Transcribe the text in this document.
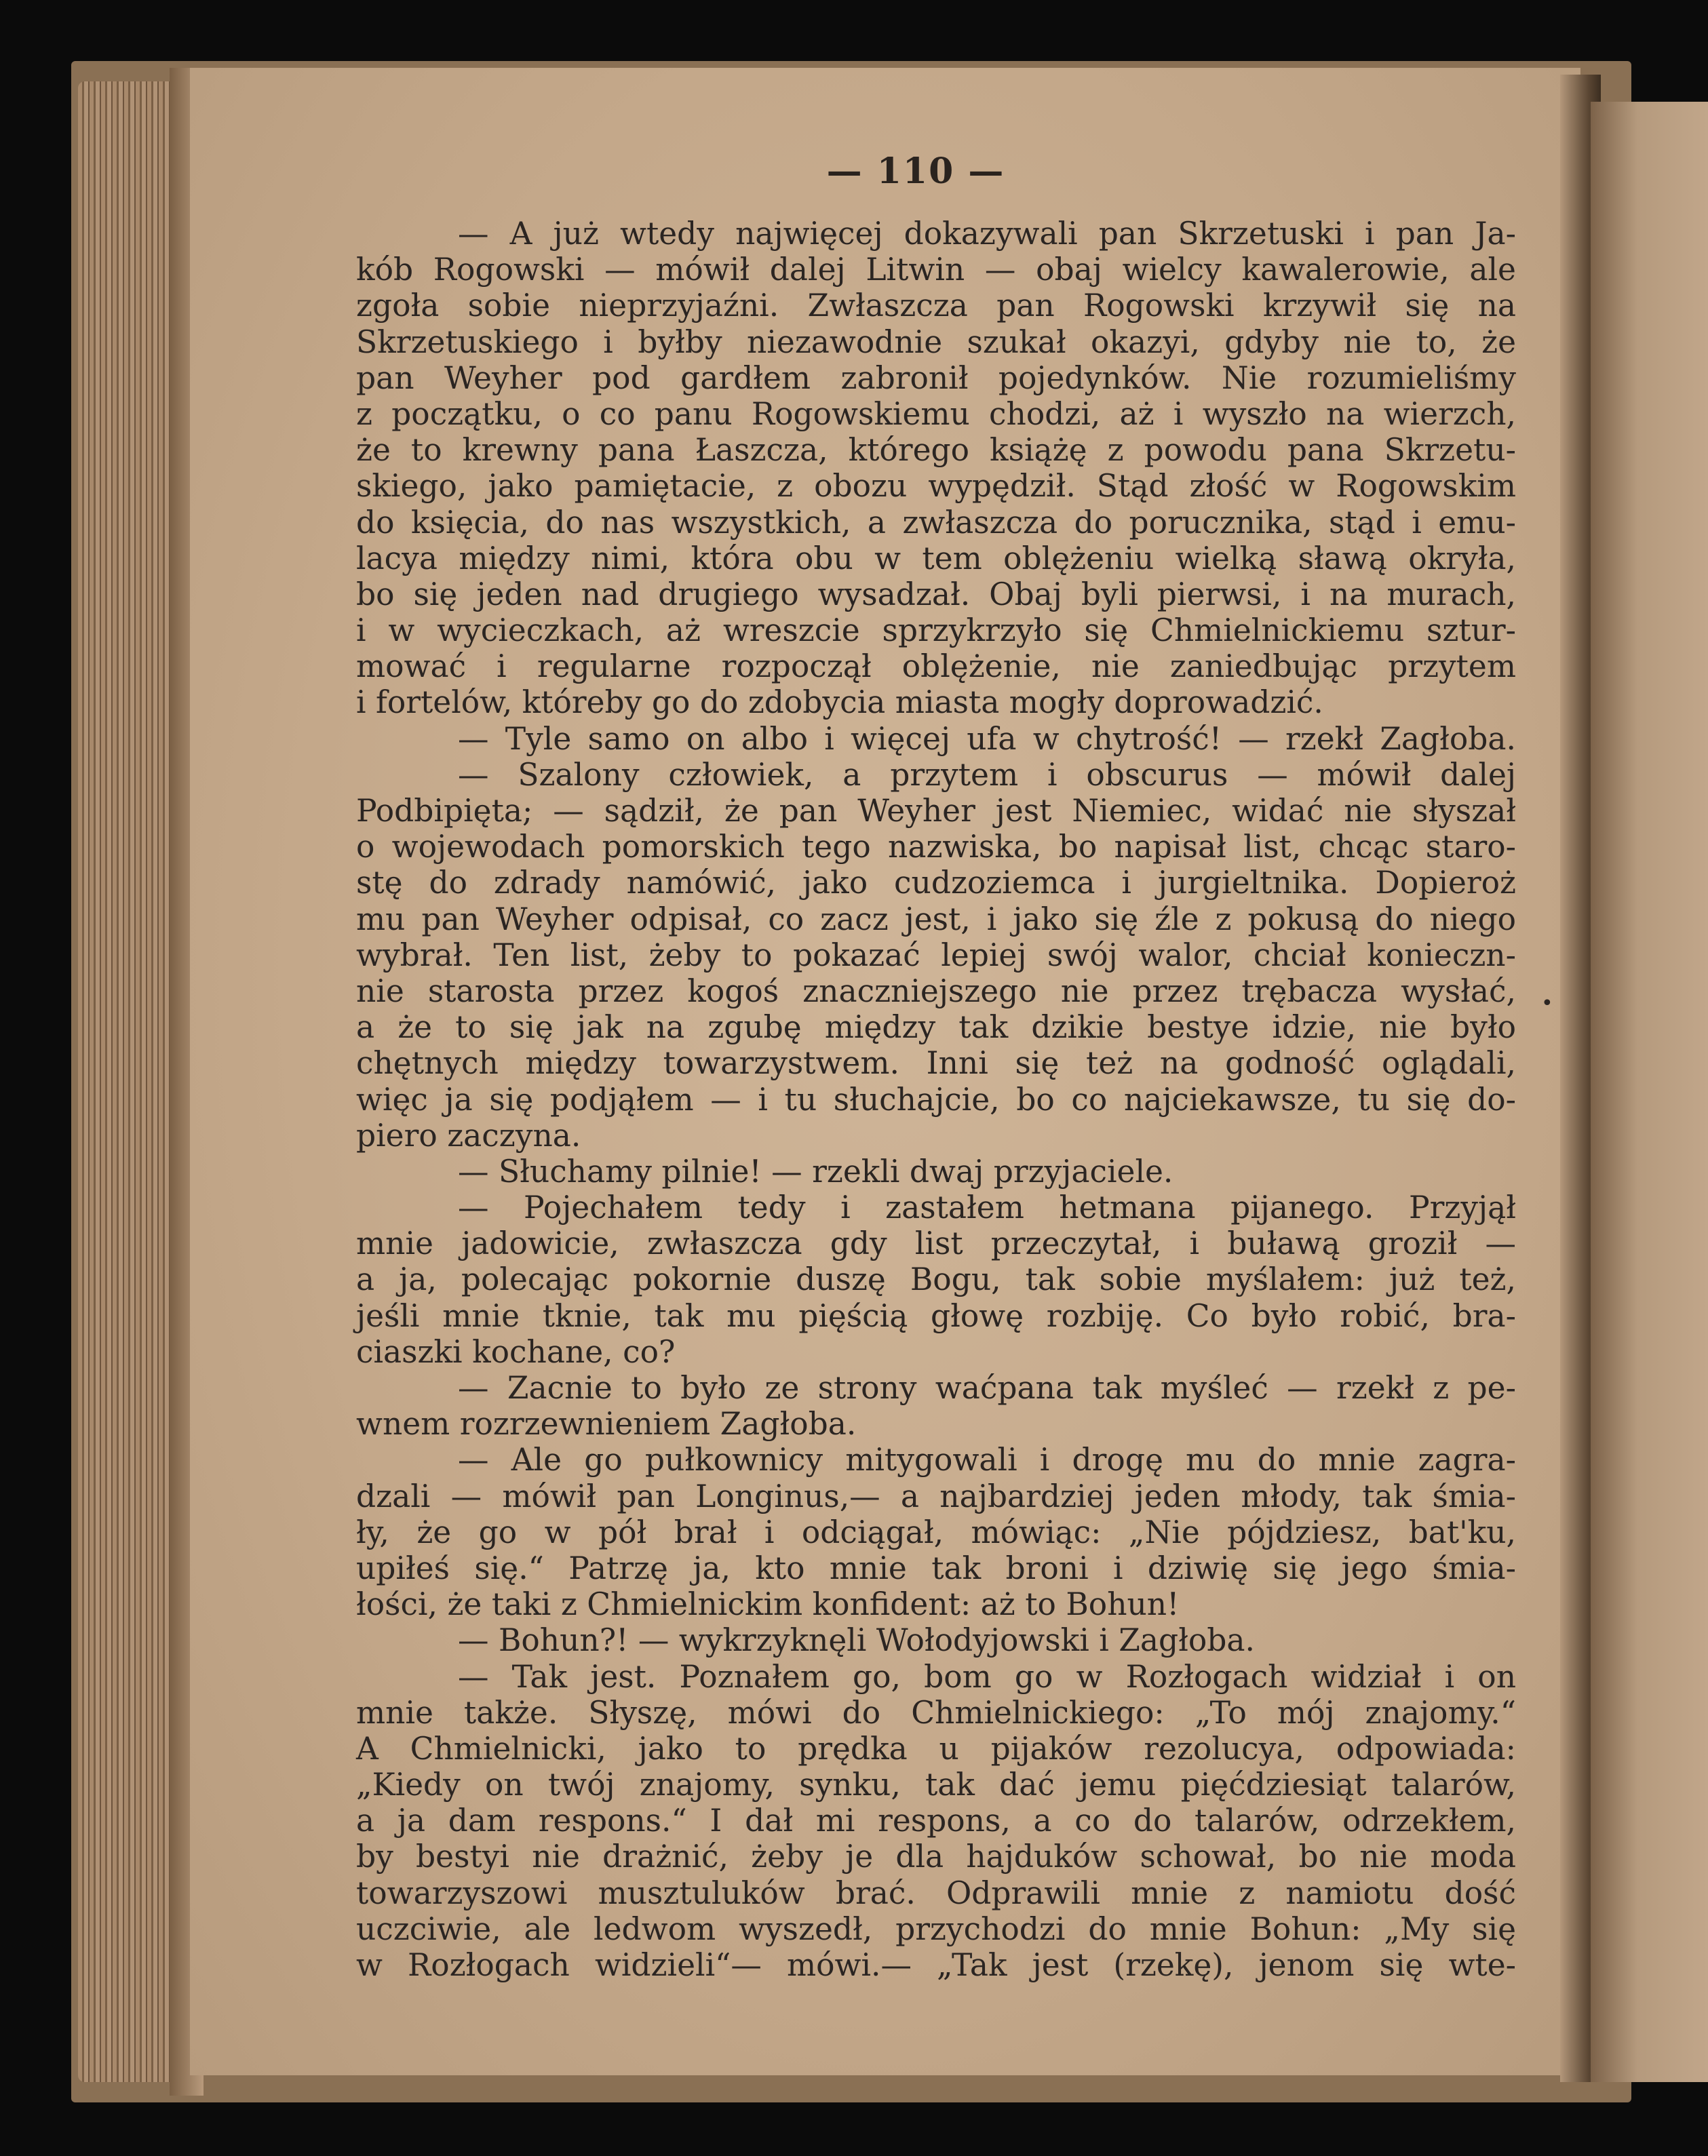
— 110 —
— A już wtedy najwięcej dokazywali pan Skrzetuski i pan Ja-
kób Rogowski — mówił dalej Litwin — obaj wielcy kawalerowie, ale
zgoła sobie nieprzyjaźni. Zwłaszcza pan Rogowski krzywił się na
Skrzetuskiego i byłby niezawodnie szukał okazyi, gdyby nie to, że
pan Weyher pod gardłem zabronił pojedynków. Nie rozumieliśmy
z początku, o co panu Rogowskiemu chodzi, aż i wyszło na wierzch,
że to krewny pana Łaszcza, którego książę z powodu pana Skrzetu-
skiego, jako pamiętacie, z obozu wypędził. Stąd złość w Rogowskim
do księcia, do nas wszystkich, a zwłaszcza do porucznika, stąd i emu-
lacya między nimi, która obu w tem oblężeniu wielką sławą okryła,
bo się jeden nad drugiego wysadzał. Obaj byli pierwsi, i na murach,
i w wycieczkach, aż wreszcie sprzykrzyło się Chmielnickiemu sztur-
mować i regularne rozpoczął oblężenie, nie zaniedbując przytem
i fortelów, któreby go do zdobycia miasta mogły doprowadzić.
— Tyle samo on albo i więcej ufa w chytrość! — rzekł Zagłoba.
— Szalony człowiek, a przytem i obscurus — mówił dalej
Podbipięta; — sądził, że pan Weyher jest Niemiec, widać nie słyszał
o wojewodach pomorskich tego nazwiska, bo napisał list, chcąc staro-
stę do zdrady namówić, jako cudzoziemca i jurgieltnika. Dopieroż
mu pan Weyher odpisał, co zacz jest, i jako się źle z pokusą do niego
wybrał. Ten list, żeby to pokazać lepiej swój walor, chciał konieczn-
nie starosta przez kogoś znaczniejszego nie przez trębacza wysłać,
a że to się jak na zgubę między tak dzikie bestye idzie, nie było
chętnych między towarzystwem. Inni się też na godność oglądali,
więc ja się podjąłem — i tu słuchajcie, bo co najciekawsze, tu się do-
piero zaczyna.
— Słuchamy pilnie! — rzekli dwaj przyjaciele.
— Pojechałem tedy i zastałem hetmana pijanego. Przyjął
mnie jadowicie, zwłaszcza gdy list przeczytał, i buławą groził —
a ja, polecając pokornie duszę Bogu, tak sobie myślałem: już też,
jeśli mnie tknie, tak mu pięścią głowę rozbiję. Co było robić, bra-
ciaszki kochane, co?
— Zacnie to było ze strony waćpana tak myśleć — rzekł z pe-
wnem rozrzewnieniem Zagłoba.
— Ale go pułkownicy mitygowali i drogę mu do mnie zagra-
dzali — mówił pan Longinus,— a najbardziej jeden młody, tak śmia-
ły, że go w pół brał i odciągał, mówiąc: „Nie pójdziesz, bat'ku,
upiłeś się.“ Patrzę ja, kto mnie tak broni i dziwię się jego śmia-
łości, że taki z Chmielnickim konfident: aż to Bohun!
— Bohun?! — wykrzyknęli Wołodyjowski i Zagłoba.
— Tak jest. Poznałem go, bom go w Rozłogach widział i on
mnie także. Słyszę, mówi do Chmielnickiego: „To mój znajomy.“
A Chmielnicki, jako to prędka u pijaków rezolucya, odpowiada:
„Kiedy on twój znajomy, synku, tak dać jemu pięćdziesiąt talarów,
a ja dam respons.“ I dał mi respons, a co do talarów, odrzekłem,
by bestyi nie drażnić, żeby je dla hajduków schował, bo nie moda
towarzyszowi musztuluków brać. Odprawili mnie z namiotu dość
uczciwie, ale ledwom wyszedł, przychodzi do mnie Bohun: „My się
w Rozłogach widzieli“— mówi.— „Tak jest (rzekę), jenom się wte-
•
